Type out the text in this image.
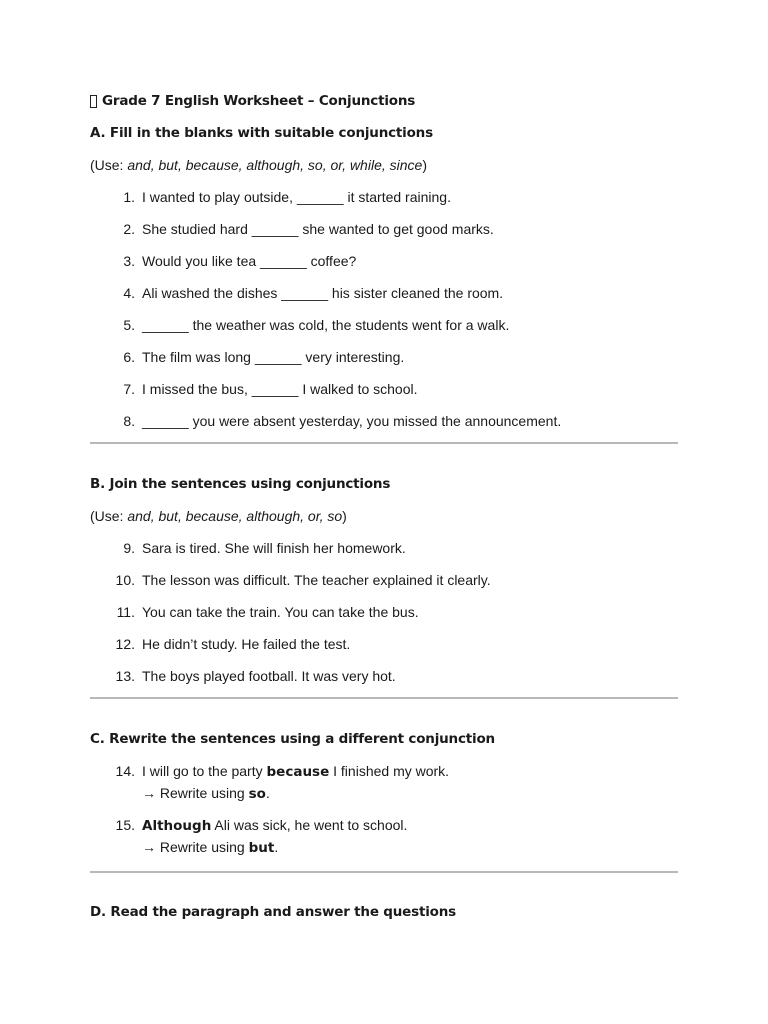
Grade 7 English Worksheet – Conjunctions
A. Fill in the blanks with suitable conjunctions

(Use: and, but, because, although, so, or, while, since)

1. I wanted to play outside, ______ it started raining.
2. She studied hard ______ she wanted to get good marks.
3. Would you like tea ______ coffee?
4. Ali washed the dishes ______ his sister cleaned the room.
5. ______ the weather was cold, the students went for a walk.
6. The film was long ______ very interesting.
7. I missed the bus, ______ I walked to school.
8. ______ you were absent yesterday, you missed the announcement.
B. Join the sentences using conjunctions

(Use: and, but, because, although, or, so)

9. Sara is tired. She will finish her homework.
10. The lesson was difficult. The teacher explained it clearly.
11. You can take the train. You can take the bus.
12. He didn’t study. He failed the test.
13. The boys played football. It was very hot.
C. Rewrite the sentences using a different conjunction
14. I will go to the party because I finished my work.
→ Rewrite using so.
15. Although Ali was sick, he went to school.
→ Rewrite using but.
D. Read the paragraph and answer the questions
